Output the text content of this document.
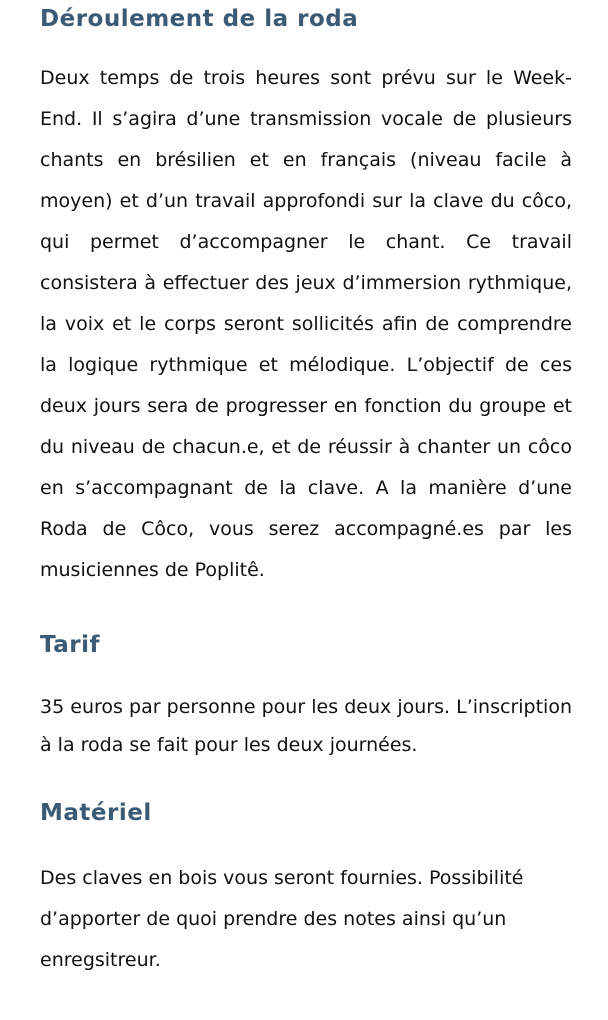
Déroulement de la roda

Deux temps de trois heures sont prévu sur le Week-End. Il s’agira d’une transmission vocale de plusieurs chants en brésilien et en français (niveau facile à moyen) et d’un travail approfondi sur la clave du côco, qui permet d’accompagner le chant. Ce travail consistera à effectuer des jeux d’immersion rythmique, la voix et le corps seront sollicités afin de comprendre la logique rythmique et mélodique. L’objectif de ces deux jours sera de progresser en fonction du groupe et du niveau de chacun.e, et de réussir à chanter un côco en s’accompagnant de la clave. A la manière d’une Roda de Côco, vous serez accompagné.es par les musiciennes de Poplitê.

Tarif

35 euros par personne pour les deux jours. L’inscription à la roda se fait pour les deux journées.

Matériel

Des claves en bois vous seront fournies. Possibilité d’apporter de quoi prendre des notes ainsi qu’un enregsitreur.
